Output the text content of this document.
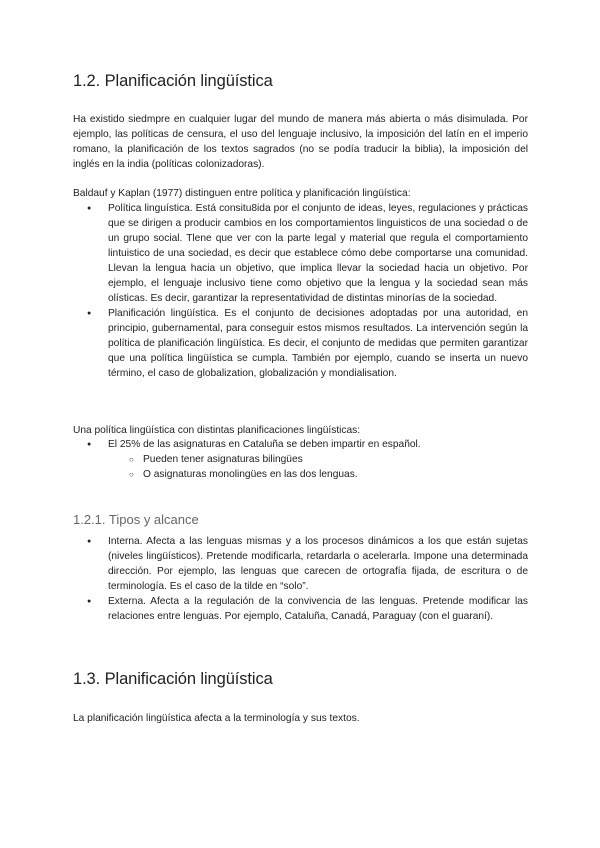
1.2. Planificación lingüística

Ha existido siedmpre en cualquier lugar del mundo de manera más abierta o más disimulada. Por ejemplo, las políticas de censura, el uso del lenguaje inclusivo, la imposición del latín en el imperio romano, la planificación de los textos sagrados (no se podía traducir la biblia), la imposición del inglés en la india (políticas colonizadoras).

Baldauf y Kaplan (1977) distinguen entre política y planificación lingüística:

● Política linguística. Está consitu8ida por el conjunto de ideas, leyes, regulaciones y prácticas que se dirigen a producir cambios en los comportamientos linguisticos de una sociedad o de un grupo social. Tlene que ver con la parte legal y material que regula el comportamiento lintuistico de una sociedad, es decir que establece cómo debe comportarse una comunidad. Llevan la lengua hacia un objetivo, que implica llevar la sociedad hacia un objetivo. Por ejemplo, el lenguaje inclusivo tiene como objetivo que la lengua y la sociedad sean más olísticas. Es decir, garantizar la representatividad de distintas minorías de la sociedad.
● Planificación lingüística. Es el conjunto de decisiones adoptadas por una autoridad, en principio, gubernamental, para conseguir estos mismos resultados. La intervención según la política de planificación lingüística. Es decir, el conjunto de medidas que permiten garantizar que una política lingüística se cumpla. También por ejemplo, cuando se inserta un nuevo término, el caso de globalization, globalización y mondialisation.

Una política lingüística con distintas planificaciones lingüísticas:

● El 25% de las asignaturas en Cataluña se deben impartir en español.
○ Pueden tener asignaturas bilingües
○ O asignaturas monolingües en las dos lenguas.
1.2.1. Tipos y alcance
● Interna. Afecta a las lenguas mismas y a los procesos dinámicos a los que están sujetas (niveles lingüísticos). Pretende modificarla, retardarla o acelerarla. Impone una determinada dirección. Por ejemplo, las lenguas que carecen de ortografía fijada, de escritura o de terminología. Es el caso de la tilde en “solo”.
● Externa. Afecta a la regulación de la convivencia de las lenguas. Pretende modificar las relaciones entre lenguas. Por ejemplo, Cataluña, Canadá, Paraguay (con el guaraní).
1.3. Planificación lingüística

La planificación lingüística afecta a la terminología y sus textos.
